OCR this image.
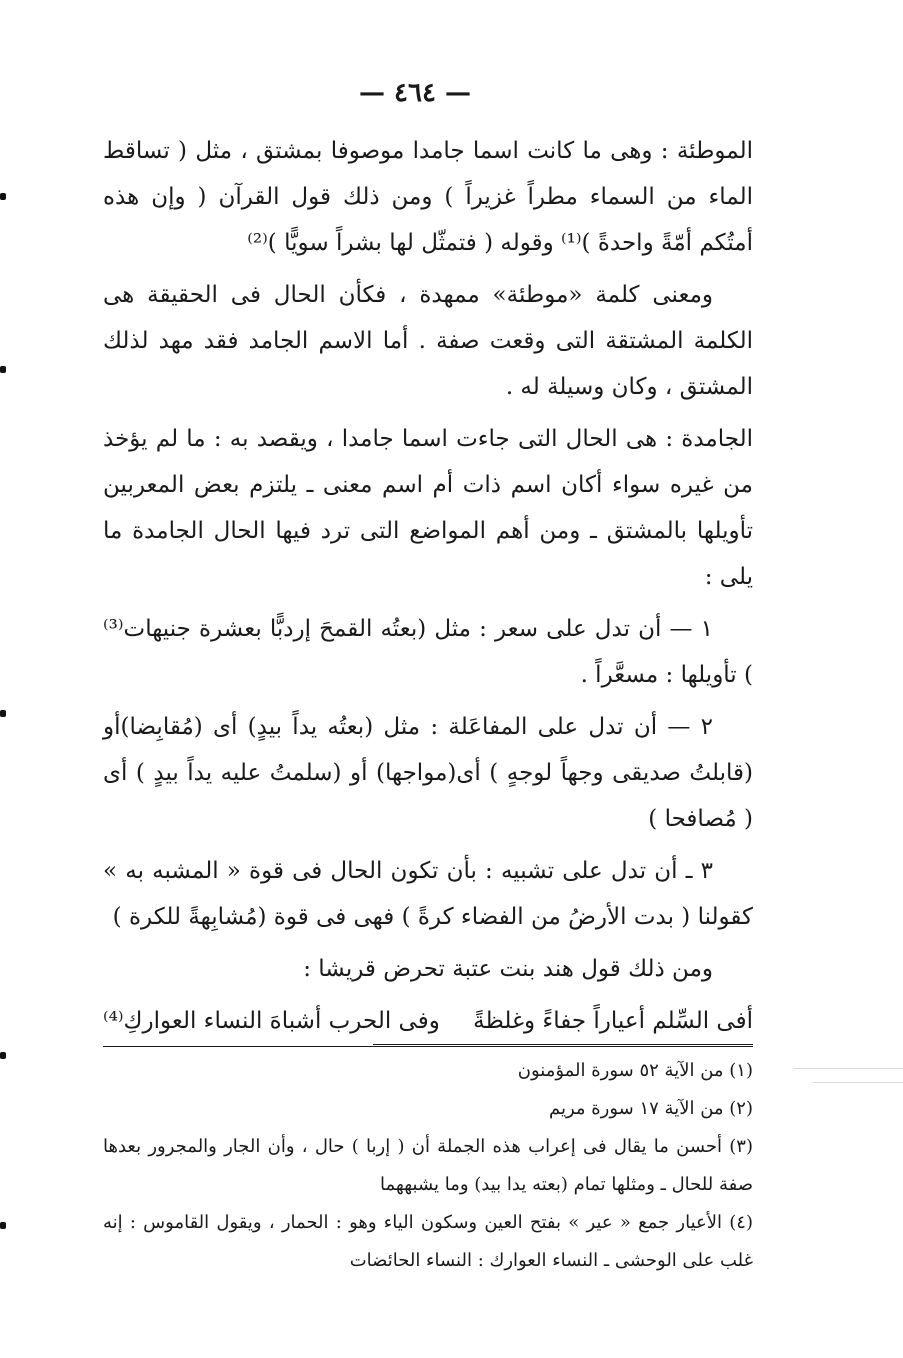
— ٤٦٤ —

الموطئة : وهى ما كانت اسما جامدا موصوفا بمشتق ، مثل ( تساقط الماء من السماء مطراً غزيراً ) ومن ذلك قول القرآن ( وإن هذه أمتُكم أمّةً واحدةً )⁽¹⁾ وقوله ( فتمثّل لها بشراً سويًّا )⁽²⁾

ومعنى كلمة «موطئة» ممهدة ، فكأن الحال فى الحقيقة هى الكلمة المشتقة التى وقعت صفة . أما الاسم الجامد فقد مهد لذلك المشتق ، وكان وسيلة له .

الجامدة : هى الحال التى جاءت اسما جامدا ، ويقصد به : ما لم يؤخذ من غيره سواء أكان اسم ذات أم اسم معنى ـ يلتزم بعض المعربين تأويلها بالمشتق ـ ومن أهم المواضع التى ترد فيها الحال الجامدة ما يلى :

١ — أن تدل على سعر : مثل (بعتُه القمحَ إردبًّا بعشرة جنيهات⁽³⁾ ) تأويلها : مسعَّراً .

٢ — أن تدل على المفاعَلة : مثل (بعتُه يداً بيدٍ) أى (مُقابِضا)أو (قابلتُ صديقى وجهاً لوجهٍ ) أى(مواجها) أو (سلمتُ عليه يداً بيدٍ ) أى ( مُصافحا )

٣ ـ أن تدل على تشبيه : بأن تكون الحال فى قوة « المشبه به » كقولنا ( بدت الأرضُ من الفضاء كرةً ) فهى فى قوة (مُشابِهةً للكرة )

ومن ذلك قول هند بنت عتبة تحرض قريشا :

أفى السِّلم أعياراً جفاءً وغلظةً
وفى الحرب أشباهَ النساء العواركِ⁽⁴⁾

(١) من الآية ٥٢ سورة المؤمنون

(٢) من الآية ١٧ سورة مريم

(٣) أحسن ما يقال فى إعراب هذه الجملة أن ( إربا ) حال ، وأن الجار والمجرور بعدها صفة للحال ـ ومثلها تمام (بعته يدا بيد) وما يشبههما

(٤) الأعيار جمع « عير » بفتح العين وسكون الياء وهو : الحمار ، ويقول القاموس : إنه غلب على الوحشى ـ النساء العوارك : النساء الحائضات
